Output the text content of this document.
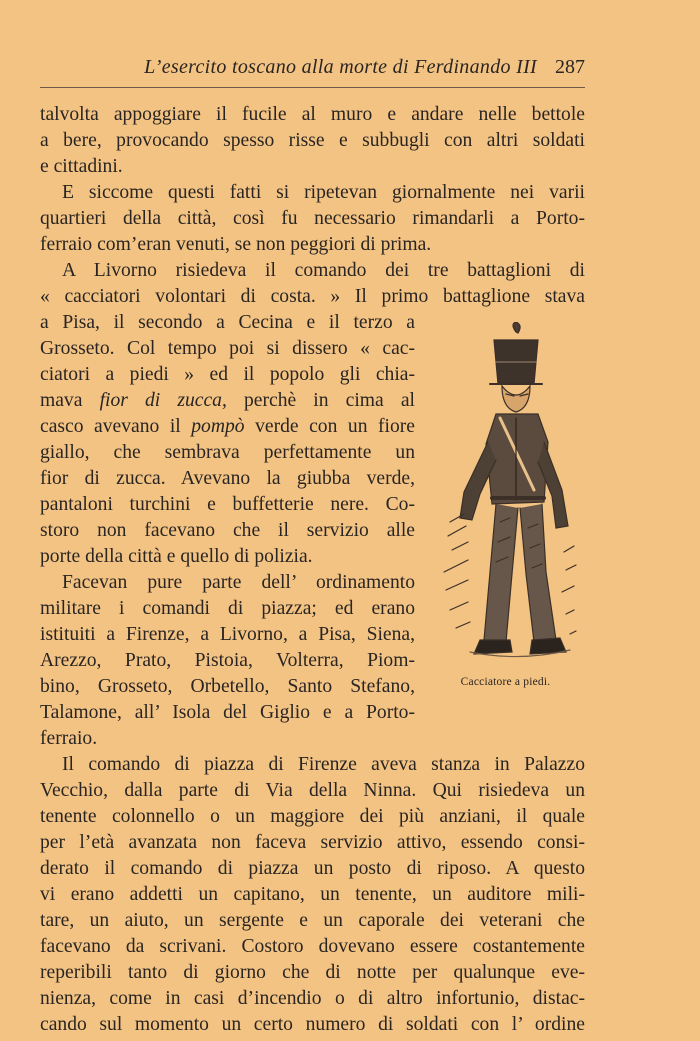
L’esercito toscano alla morte di Ferdinando III 287
talvolta appoggiare il fucile al muro e andare nelle bettole
a bere, provocando spesso risse e subbugli con altri soldati
e cittadini.
E siccome questi fatti si ripetevan giornalmente nei varii
quartieri della città, così fu necessario rimandarli a Porto-
ferraio com’eran venuti, se non peggiori di prima.
A Livorno risiedeva il comando dei tre battaglioni di
« cacciatori volontari di costa. » Il primo battaglione stava
a Pisa, il secondo a Cecina e il terzo a
Grosseto. Col tempo poi si dissero « cac-
ciatori a piedi » ed il popolo gli chia-
mava fior di zucca, perchè in cima al
casco avevano il pompò verde con un fiore
giallo, che sembrava perfettamente un
fior di zucca. Avevano la giubba verde,
pantaloni turchini e buffetterie nere. Co-
storo non facevano che il servizio alle
porte della città e quello di polizia.
Facevan pure parte dell’ ordinamento
militare i comandi di piazza; ed erano
istituiti a Firenze, a Livorno, a Pisa, Siena,
Arezzo, Prato, Pistoia, Volterra, Piom-
bino, Grosseto, Orbetello, Santo Stefano,
Talamone, all’ Isola del Giglio e a Porto-
ferraio.
Il comando di piazza di Firenze aveva stanza in Palazzo
Vecchio, dalla parte di Via della Ninna. Qui risiedeva un
tenente colonnello o un maggiore dei più anziani, il quale
per l’età avanzata non faceva servizio attivo, essendo consi-
derato il comando di piazza un posto di riposo. A questo
vi erano addetti un capitano, un tenente, un auditore mili-
tare, un aiuto, un sergente e un caporale dei veterani che
facevano da scrivani. Costoro dovevano essere costantemente
reperibili tanto di giorno che di notte per qualunque eve-
nienza, come in casi d’incendio o di altro infortunio, distac-
cando sul momento un certo numero di soldati con l’ ordine
Cacciatore a piedi.
